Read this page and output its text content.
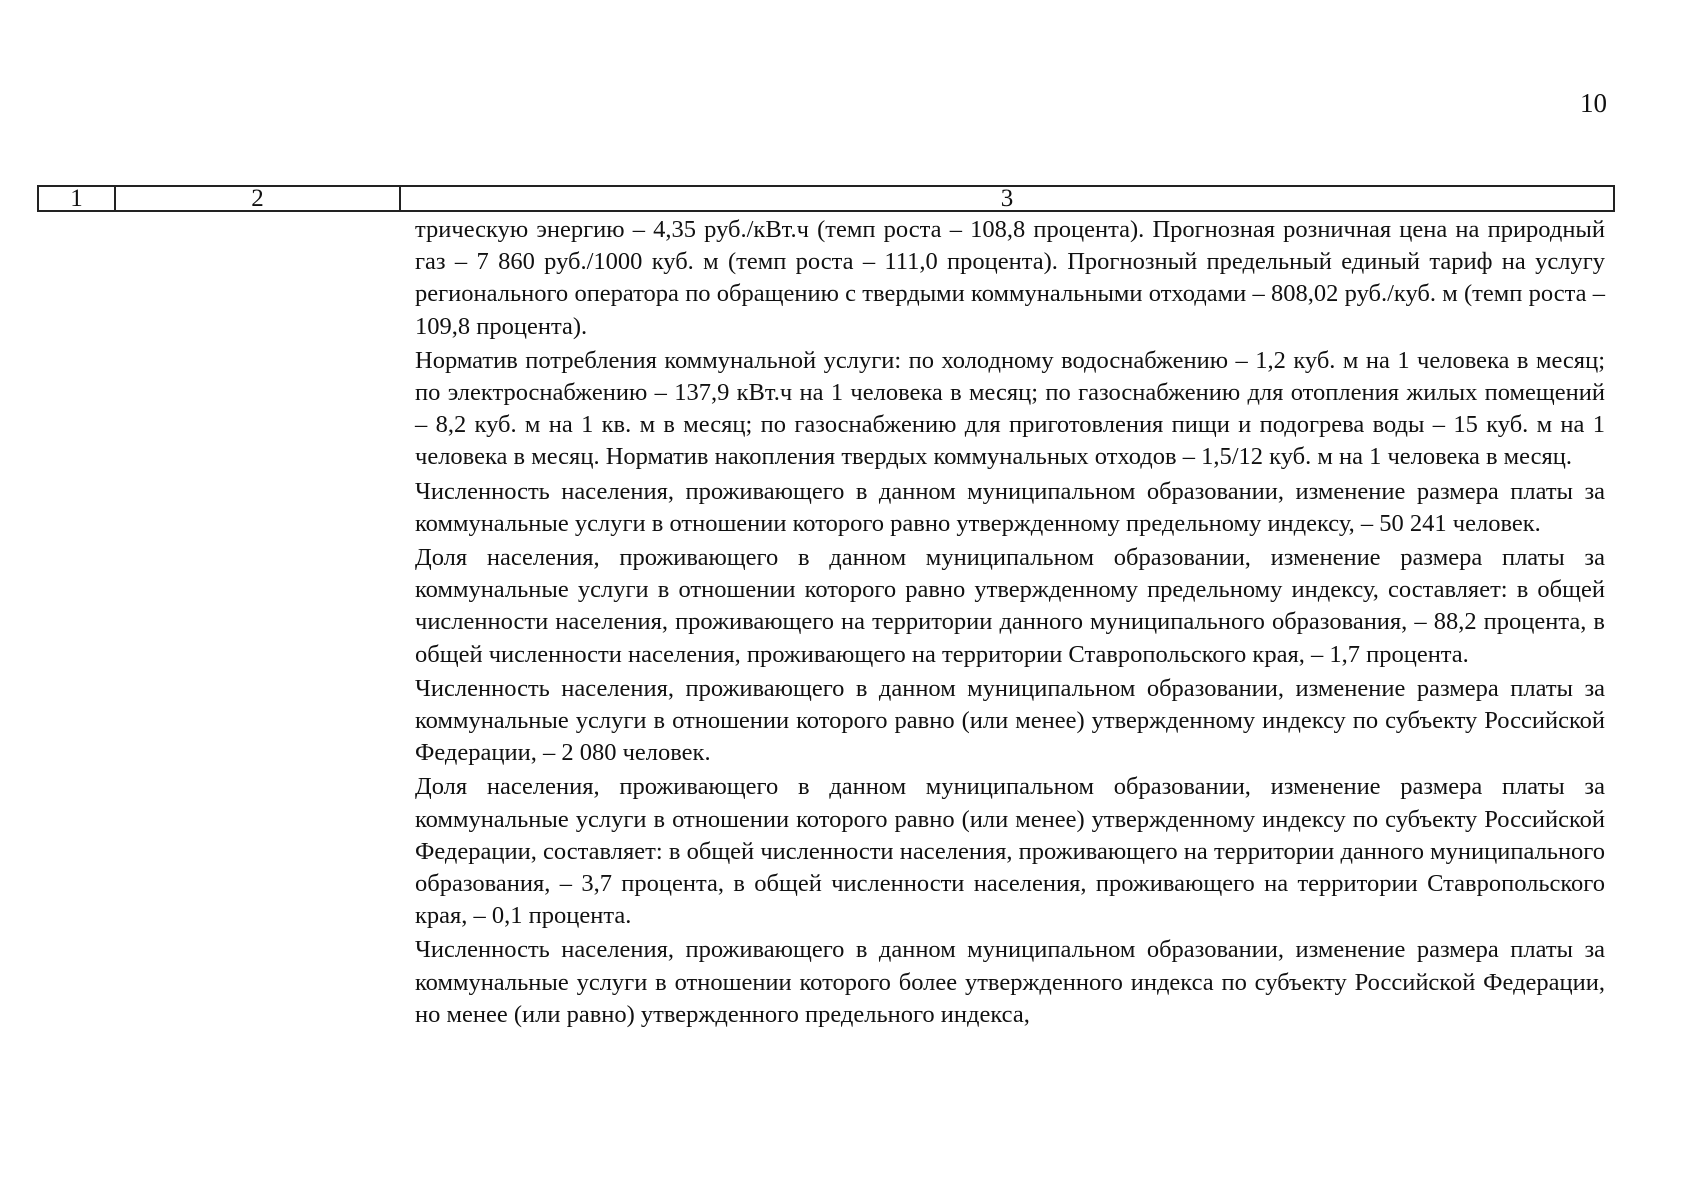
10
1	2	3

трическую энергию – 4,35 руб./кВт.ч (темп роста – 108,8 процента). Прогнозная розничная цена на природный газ – 7 860 руб./1000 куб. м (темп роста – 111,0 процента). Прогнозный предельный единый тариф на услугу регионального оператора по обращению с твердыми коммунальными отходами – 808,02 руб./куб. м (темп роста – 109,8 процента).

Норматив потребления коммунальной услуги: по холодному водоснабжению – 1,2 куб. м на 1 человека в месяц; по электроснабжению – 137,9 кВт.ч на 1 человека в месяц; по газоснабжению для отопления жилых помещений – 8,2 куб. м на 1 кв. м в месяц; по газоснабжению для приготовления пищи и подогрева воды – 15 куб. м на 1 человека в месяц. Норматив накопления твердых коммунальных отходов – 1,5/12 куб. м на 1 человека в месяц.

Численность населения, проживающего в данном муниципальном образовании, изменение размера платы за коммунальные услуги в отношении которого равно утвержденному предельному индексу, – 50 241 человек.

Доля населения, проживающего в данном муниципальном образовании, изменение размера платы за коммунальные услуги в отношении которого равно утвержденному предельному индексу, составляет: в общей численности населения, проживающего на территории данного муниципального образования, – 88,2 процента, в общей численности населения, проживающего на территории Ставропольского края, – 1,7 процента.

Численность населения, проживающего в данном муниципальном образовании, изменение размера платы за коммунальные услуги в отношении которого равно (или менее) утвержденному индексу по субъекту Российской Федерации, – 2 080 человек.

Доля населения, проживающего в данном муниципальном образовании, изменение размера платы за коммунальные услуги в отношении которого равно (или менее) утвержденному индексу по субъекту Российской Федерации, составляет: в общей численности населения, проживающего на территории данного муниципального образования, – 3,7 процента, в общей численности населения, проживающего на территории Ставропольского края, – 0,1 процента.

Численность населения, проживающего в данном муниципальном образовании, изменение размера платы за коммунальные услуги в отношении которого более утвержденного индекса по субъекту Российской Федерации, но менее (или равно) утвержденного предельного индекса,
